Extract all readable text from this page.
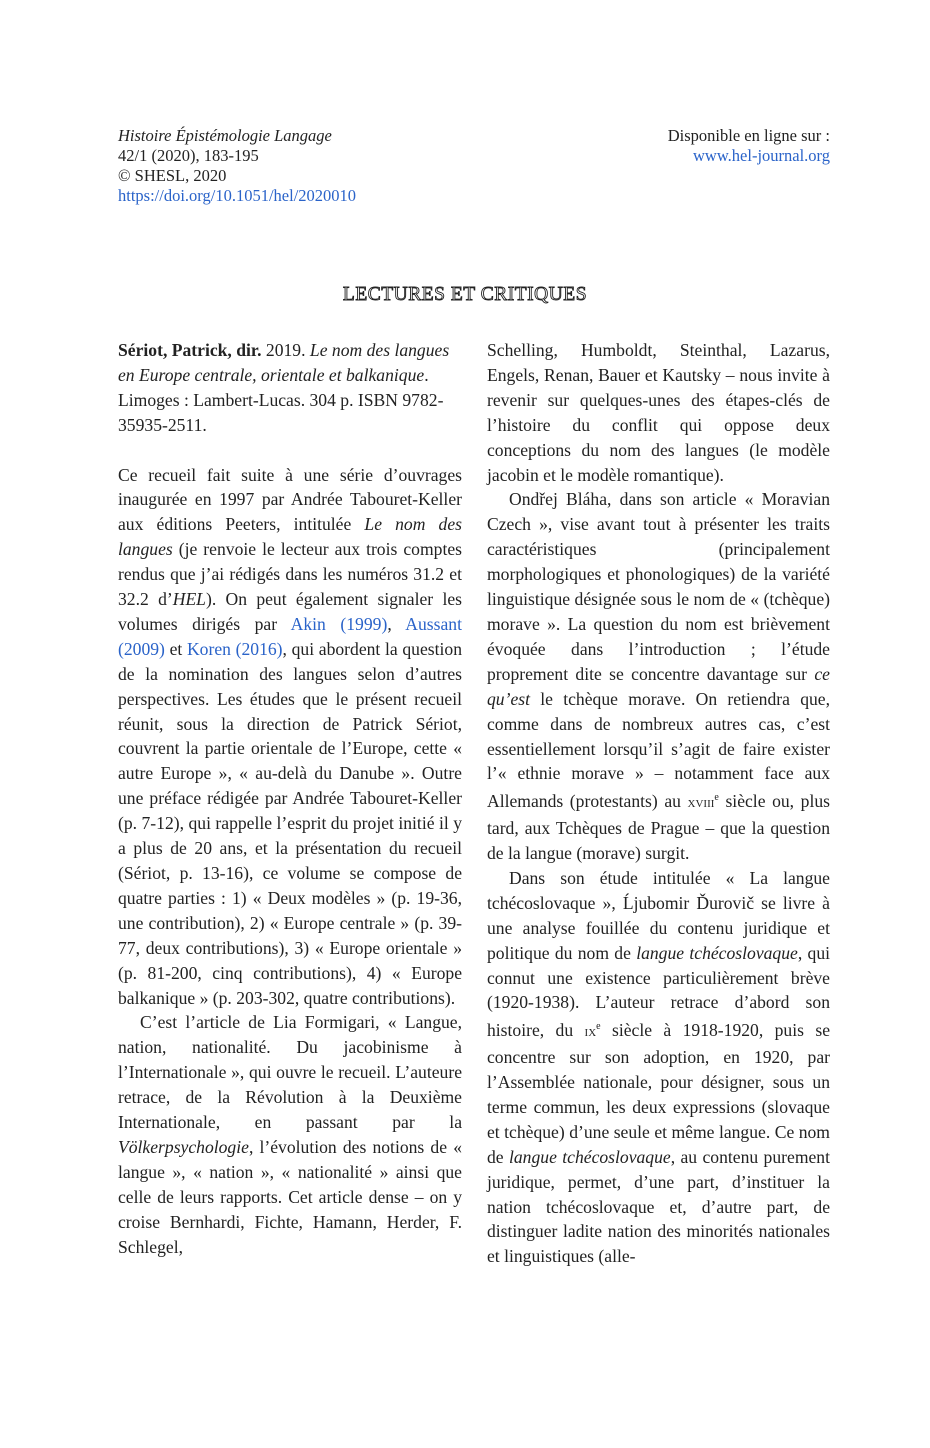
Histoire Épistémologie Langage
42/1 (2020), 183-195
© SHESL, 2020
https://doi.org/10.1051/hel/2020010
Disponible en ligne sur :
www.hel-journal.org
LECTURES ET CRITIQUES

Sériot, Patrick, dir. 2019. Le nom des langues en Europe centrale, orientale et balkanique. Limoges : Lambert-Lucas. 304 p. ISBN 9782-35935-2511.

Ce recueil fait suite à une série d’ouvrages inaugurée en 1997 par Andrée Tabouret-Keller aux éditions Peeters, intitulée Le nom des langues (je renvoie le lecteur aux trois comptes rendus que j’ai rédigés dans les numéros 31.2 et 32.2 d’HEL). On peut également signaler les volumes dirigés par Akin (1999), Aussant (2009) et Koren (2016), qui abordent la question de la nomination des langues selon d’autres perspectives. Les études que le présent recueil réunit, sous la direction de Patrick Sériot, couvrent la partie orientale de l’Europe, cette « autre Europe », « au-delà du Danube ». Outre une préface rédigée par Andrée Tabouret-Keller (p. 7-12), qui rappelle l’esprit du projet initié il y a plus de 20 ans, et la présentation du recueil (Sériot, p. 13-16), ce volume se compose de quatre parties : 1) « Deux modèles » (p. 19-36, une contribution), 2) « Europe centrale » (p. 39-77, deux contributions), 3) « Europe orientale » (p. 81-200, cinq contributions), 4) « Europe balkanique » (p. 203-302, quatre contributions).

C’est l’article de Lia Formigari, « Langue, nation, nationalité. Du jacobinisme à l’Internationale », qui ouvre le recueil. L’auteure retrace, de la Révolution à la Deuxième Internationale, en passant par la Völkerpsychologie, l’évolution des notions de « langue », « nation », « nationalité » ainsi que celle de leurs rapports. Cet article dense – on y croise Bernhardi, Fichte, Hamann, Herder, F. Schlegel,

Schelling, Humboldt, Steinthal, Lazarus, Engels, Renan, Bauer et Kautsky – nous invite à revenir sur quelques-unes des étapes-clés de l’histoire du conflit qui oppose deux conceptions du nom des langues (le modèle jacobin et le modèle romantique).

Ondřej Bláha, dans son article « Moravian Czech », vise avant tout à présenter les traits caractéristiques (principalement morphologiques et phonologiques) de la variété linguistique désignée sous le nom de « (tchèque) morave ». La question du nom est brièvement évoquée dans l’introduction ; l’étude proprement dite se concentre davantage sur ce qu’est le tchèque morave. On retiendra que, comme dans de nombreux autres cas, c’est essentiellement lorsqu’il s’agit de faire exister l’« ethnie morave » – notamment face aux Allemands (protestants) au xviii$^e$ siècle ou, plus tard, aux Tchèques de Prague – que la question de la langue (morave) surgit.

Dans son étude intitulée « La langue tchécoslovaque », Ĺjubomir Ďurovič se livre à une analyse fouillée du contenu juridique et politique du nom de langue tchécoslovaque, qui connut une existence particulièrement brève (1920-1938). L’auteur retrace d’abord son histoire, du $ix^e$ siècle à 1918-1920, puis se concentre sur son adoption, en 1920, par l’Assemblée nationale, pour désigner, sous un terme commun, les deux expressions (slovaque et tchèque) d’une seule et même langue. Ce nom de langue tchécoslovaque, au contenu purement juridique, permet, d’une part, d’instituer la nation tchécoslovaque et, d’autre part, de distinguer ladite nation des minorités nationales et linguistiques (alle-
